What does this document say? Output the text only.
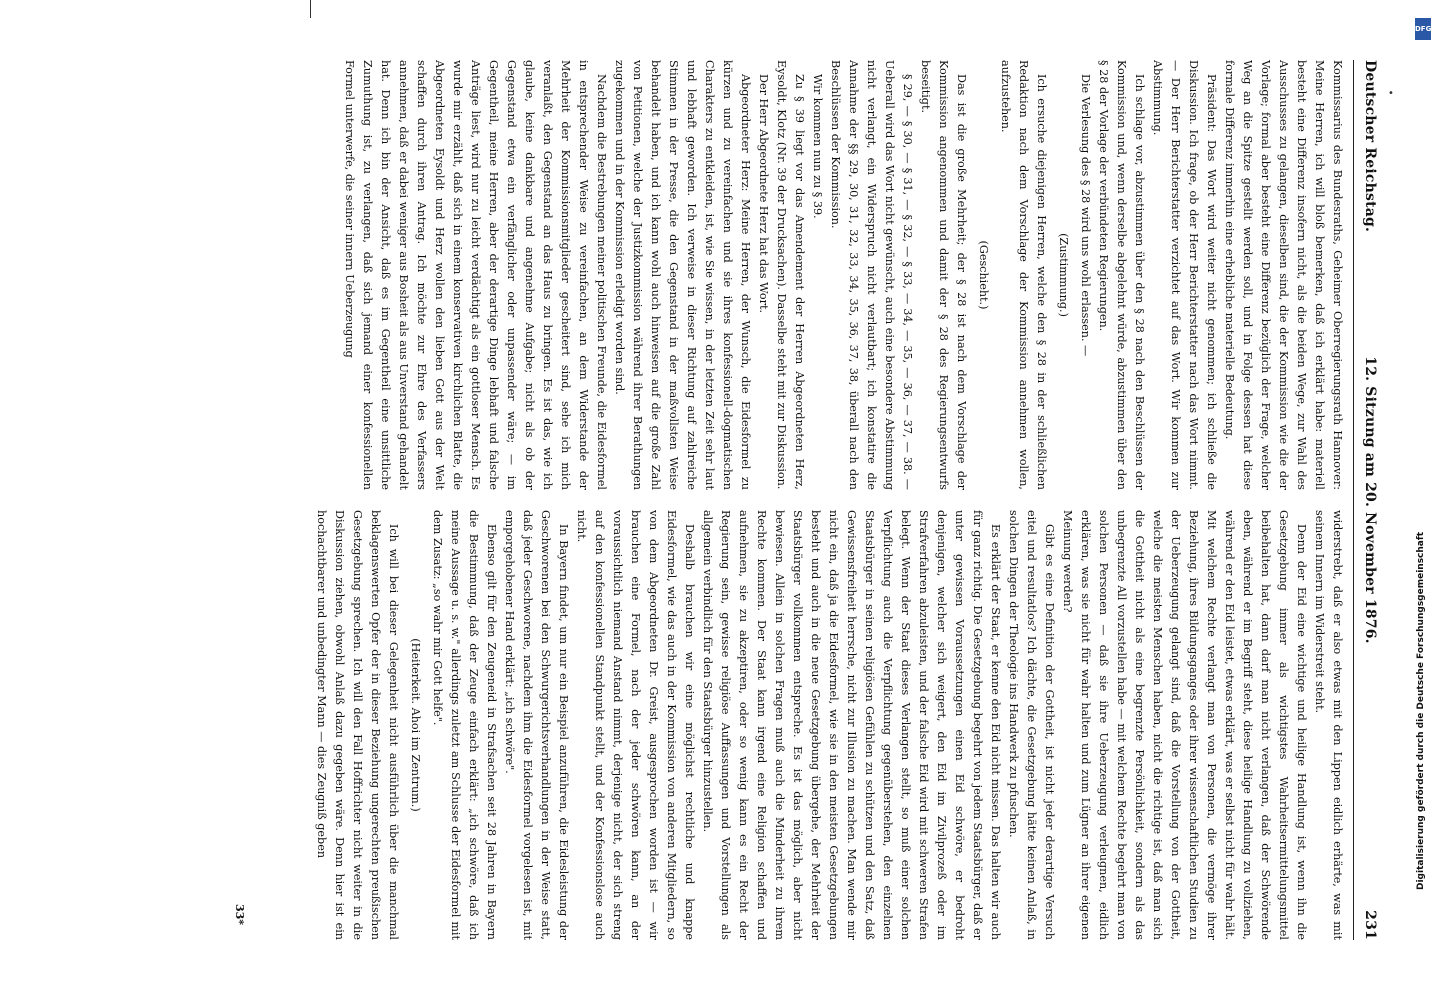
Deutscher Reichstag.
12. Sitzung am 20. November 1876.
231

Kommissarius des Bundesraths, Geheimer Oberregierungsrath Hannover: Meine Herren, ich will bloß bemerken, daß ich erklärt habe: materiell besteht eine Differenz insofern nicht, als die beiden Wege, zur Wahl des Ausschusses zu gelangen, dieselben sind, die der Kommission wie die der Vorlage; formal aber besteht eine Differenz bezüglich der Frage, welcher Weg an die Spitze gestellt werden soll, und in Folge dessen hat diese formale Differenz immerhin eine erhebliche materielle Bedeutung.

Präsident: Das Wort wird weiter nicht genommen; ich schließe die Diskussion. Ich frage, ob der Herr Berichterstatter nach das Wort nimmt. — Der Herr Berichterstatter verzichtet auf das Wort. Wir kommen zur Abstimmung.

Ich schlage vor, abzustimmen über den § 28 nach den Beschlüssen der Kommission und, wenn derselbe abgelehnt würde, abzustimmen über den § 28 der Vorlage der verbündeten Regierungen.

Die Verlesung des § 28 wird uns wohl erlassen. —

(Zustimmung.)

Ich ersuche diejenigen Herren, welche den § 28 in der schließlichen Redaktion nach dem Vorschlage der Kommission annehmen wollen, aufzustehen.

(Geschieht.)

Das ist die große Mehrheit; der § 28 ist nach dem Vorschlage der Kommission angenommen und damit der § 28 des Regierungsentwurfs beseitigt.

§ 29, — § 30, — § 31, — § 32, — § 33, — 34, — 35, — 36, — 37, — 38. — Ueberall wird das Wort nicht gewünscht, auch eine besondere Abstimmung nicht verlangt, ein Widerspruch nicht verlautbart; ich konstatire die Annahme der §§ 29, 30, 31, 32, 33, 34, 35, 36, 37, 38, überall nach den Beschlüssen der Kommission.

Wir kommen nun zu § 39.

Zu § 39 liegt vor das Amendement der Herren Abgeordneten Herz, Eysoldt, Klotz (Nr. 39 der Drucksachen). Dasselbe steht mit zur Diskussion.

Der Herr Abgeordnete Herz hat das Wort.

Abgeordneter Herz: Meine Herren, der Wunsch, die Eidesformel zu kürzen und zu vereinfachen und sie ihres konfessionell-dogmatischen Charakters zu entkleiden, ist, wie Sie wissen, in der letzten Zeit sehr laut und lebhaft geworden. Ich verweise in dieser Richtung auf zahlreiche Stimmen in der Presse, die den Gegenstand in der maßvollsten Weise behandelt haben, und ich kann wohl auch hinweisen auf die große Zahl von Petitionen, welche der Justizkommission während ihrer Berathungen zugekommen und in der Kommission erledigt worden sind.

Nachdem die Bestrebungen meiner politischen Freunde, die Eidesformel in entsprechender Weise zu vereinfachen, an dem Widerstande der Mehrheit der Kommissionsmitglieder gescheitert sind, sehe ich mich veranlaßt, den Gegenstand an das Haus zu bringen. Es ist das, wie ich glaube, keine dankbare und angenehme Aufgabe; nicht als ob der Gegenstand etwa ein verfänglicher oder unpassender wäre; — im Gegentheil, meine Herren, aber der derartige Dinge lebhaft und falsche Anträge liest, wird nur zu leicht verdächtigt als ein gottloser Mensch. Es wurde mir erzählt, daß sich in einem konservativen kirchlichen Blatte, die Abgeordneten Eysoldt und Herz wollen den lieben Gott aus der Welt schaffen durch ihren Antrag. Ich möchte zur Ehre des Verfassers annehmen, daß er dabei weniger aus Bosheit als aus Unverstand gehandelt hat. Denn ich bin der Ansicht, daß es im Gegentheil eine unsittliche Zumuthung ist, zu verlangen, daß sich jemand einer konfessionellen Formel unterwerfe, die seiner innern Ueberzeugung

widerstrebt, daß er also etwas mit den Lippen eidlich erhärte, was mit seinem Innern im Widerstreit steht.

Denn der Eid eine wichtige und heilige Handlung ist, wenn ihn die Gesetzgebung immer als wichtigstes Wahrheitsermittelungsmittel beibehalten hat, dann darf man nicht verlangen, daß der Schwörende eben, während er im Begriff steht, diese heilige Handlung zu vollziehen, während er den Eid leistet, etwas erklärt, was er selbst nicht für wahr hält. Mit welchem Rechte verlangt man von Personen, die vermöge ihrer Beziehung, ihres Bildungsganges oder ihrer wissenschaftlichen Studien zu der Ueberzeugung gelangt sind, daß die Vorstellung von der Gottheit, welche die meisten Menschen haben, nicht die richtige ist, daß man sich die Gottheit nicht als eine begrenzte Persönlichkeit, sondern als das unbegrenzte All vorzustellen habe — mit welchem Rechte begehrt man von solchen Personen — daß sie ihre Ueberzeugung verleugnen, eidlich erklären, was sie nicht für wahr halten und zum Lügner an ihrer eigenen Meinung werden?

Gibt es eine Definition der Gottheit, ist nicht jeder derartige Versuch eitel und resultatlos? Ich dächte, die Gesetzgebung hätte keinen Anlaß, in solchen Dingen der Theologie ins Handwerk zu pfuschen.

Es erklärt der Staat, er kenne den Eid nicht missen. Das halten wir auch für ganz richtig. Die Gesetzgebung begehrt von jedem Staatsbürger, daß er unter gewissen Voraussetzungen einen Eid schwöre, er bedroht denjenigen, welcher sich weigert, den Eid im Zivilprozeß oder im Strafverfahren abzuleisten, und der falsche Eid wird mit schweren Strafen belegt. Wenn der Staat dieses Verlangen stellt, so muß einer solchen Verpflichtung auch die Verpflichtung gegenüberstehen, den einzelnen Staatsbürger in seinen religiösen Gefühlen zu schützen und den Satz, daß Gewissensfreiheit herrsche, nicht zur Illusion zu machen. Man wende mir nicht ein, daß ja die Eidesformel, wie sie in den meisten Gesetzgebungen besteht und auch in die neue Gesetzgebung übergehe, der Mehrheit der Staatsbürger vollkommen entspreche. Es ist das möglich, aber nicht bewiesen. Allein in solchen Fragen muß auch die Minderheit zu ihrem Rechte kommen. Der Staat kann irgend eine Religion schaffen und aufnehmen, sie zu akzeptiren, oder so wenig kann es ein Recht der Regierung sein, gewisse religiöse Auffassungen und Vorstellungen als allgemein verbindlich für den Staatsbürger hinzustellen.

Deshalb brauchen wir eine möglichst rechtliche und knappe Eidesformel, wie das auch in der Kommission von anderen Mitgliedern, so von dem Abgeordneten Dr. Greist, ausgesprochen worden ist — wir brauchen eine Formel, nach der jeder schwören kann, an der voraussichtlich niemand Anstand nimmt, derjenige nicht, der sich streng auf den konfessionellen Standpunkt stellt, und der Konfessionslose auch nicht.

In Bayern findet, um nur ein Beispiel anzuführen, die Eidesleistung der Geschworenen bei den Schwurgerichtsverhandlungen in der Weise statt, daß jeder Geschworene, nachdem ihm die Eidesformel vorgelesen ist, mit emporgehobener Hand erklärt: „ich schwöre".

Ebenso gilt für den Zeugeneid in Strafsachen seit 28 Jahren in Bayern die Bestimmung, daß der Zeuge einfach erklärt: „ich schwöre, daß ich meine Aussage u. s. w." allerdings zuletzt am Schlusse der Eidesformel mit dem Zusatz: „so wahr mir Gott helfe".

(Heiterkeit. Ahoi im Zentrum.)

Ich will bei dieser Gelegenheit nicht ausführlich über die manchmal beklagenswerten Opfer der in dieser Beziehung ungerechten preußischen Gesetzgebung sprechen. Ich will den Fall Hoffrichter nicht weiter in die Diskussion ziehen, obwohl Anlaß dazu gegeben wäre. Denn hier ist ein hochachtbarer und unbedingter Mann — dies Zeugniß geben

33*
•
DFG
Digitalisierung gefördert durch die Deutsche Forschungsgemeinschaft
